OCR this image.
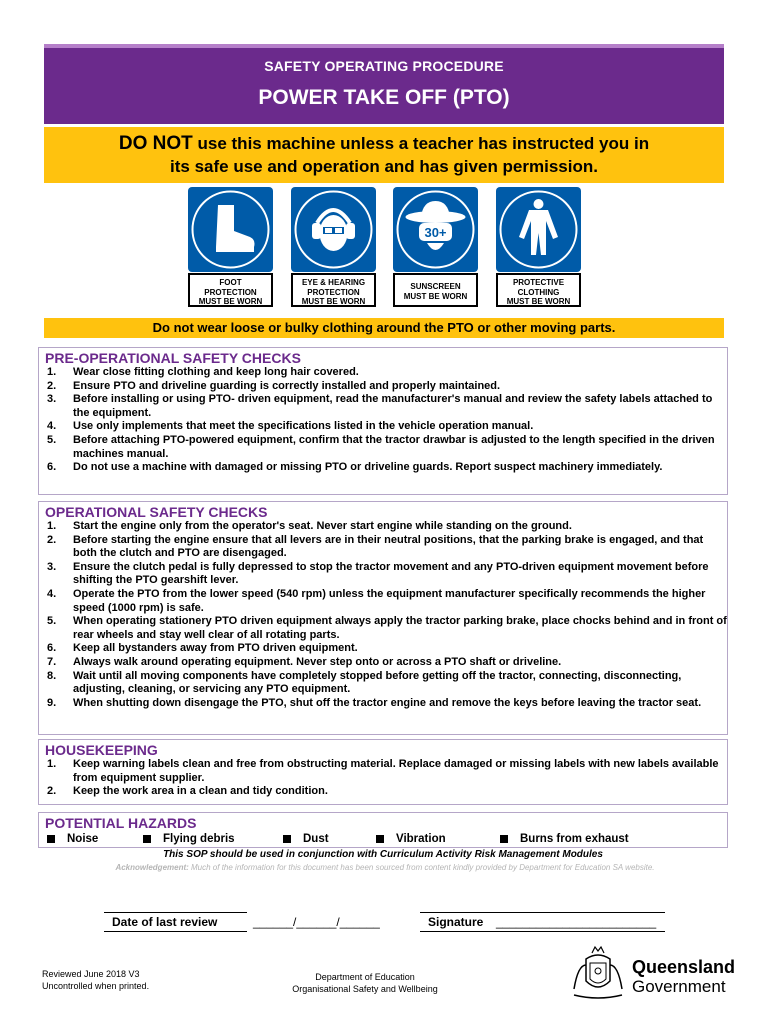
SAFETY OPERATING PROCEDURE
POWER TAKE OFF (PTO)
DO NOT use this machine unless a teacher has instructed you in
its safe use and operation and has given permission.
FOOT
PROTECTION
MUST BE WORN
EYE & HEARING
PROTECTION
MUST BE WORN
30+
SUNSCREEN
MUST BE WORN
PROTECTIVE
CLOTHING
MUST BE WORN
Do not wear loose or bulky clothing around the PTO or other moving parts.
PRE-OPERATIONAL SAFETY CHECKS
1. Wear close fitting clothing and keep long hair covered.
2. Ensure PTO and driveline guarding is correctly installed and properly maintained.
3. Before installing or using PTO- driven equipment, read the manufacturer's manual and review the safety labels attached to the equipment.
4. Use only implements that meet the specifications listed in the vehicle operation manual.
5. Before attaching PTO-powered equipment, confirm that the tractor drawbar is adjusted to the length specified in the driven machines manual.
6. Do not use a machine with damaged or missing PTO or driveline guards. Report suspect machinery immediately.
OPERATIONAL SAFETY CHECKS
1. Start the engine only from the operator's seat. Never start engine while standing on the ground.
2. Before starting the engine ensure that all levers are in their neutral positions, that the parking brake is engaged, and that both the clutch and PTO are disengaged.
3. Ensure the clutch pedal is fully depressed to stop the tractor movement and any PTO-driven equipment movement before shifting the PTO gearshift lever.
4. Operate the PTO from the lower speed (540 rpm) unless the equipment manufacturer specifically recommends the higher speed (1000 rpm) is safe.
5. When operating stationery PTO driven equipment always apply the tractor parking brake, place chocks behind and in front of rear wheels and stay well clear of all rotating parts.
6. Keep all bystanders away from PTO driven equipment.
7. Always walk around operating equipment. Never step onto or across a PTO shaft or driveline.
8. Wait until all moving components have completely stopped before getting off the tractor, connecting, disconnecting, adjusting, cleaning, or servicing any PTO equipment.
9. When shutting down disengage the PTO, shut off the tractor engine and remove the keys before leaving the tractor seat.
HOUSEKEEPING
1. Keep warning labels clean and free from obstructing material. Replace damaged or missing labels with new labels available from equipment supplier.
2. Keep the work area in a clean and tidy condition.
POTENTIAL HAZARDS
Noise	Flying debris	Dust	Vibration	Burns from exhaust
This SOP should be used in conjunction with Curriculum Activity Risk Management Modules
Acknowledgement: Much of the information for this document has been sourced from content kindly provided by Department for Education SA website.
Date of last review	______/______/______	Signature ________________________
Reviewed June 2018 V3
Uncontrolled when printed.
Department of Education
Organisational Safety and Wellbeing
Queensland
Government
